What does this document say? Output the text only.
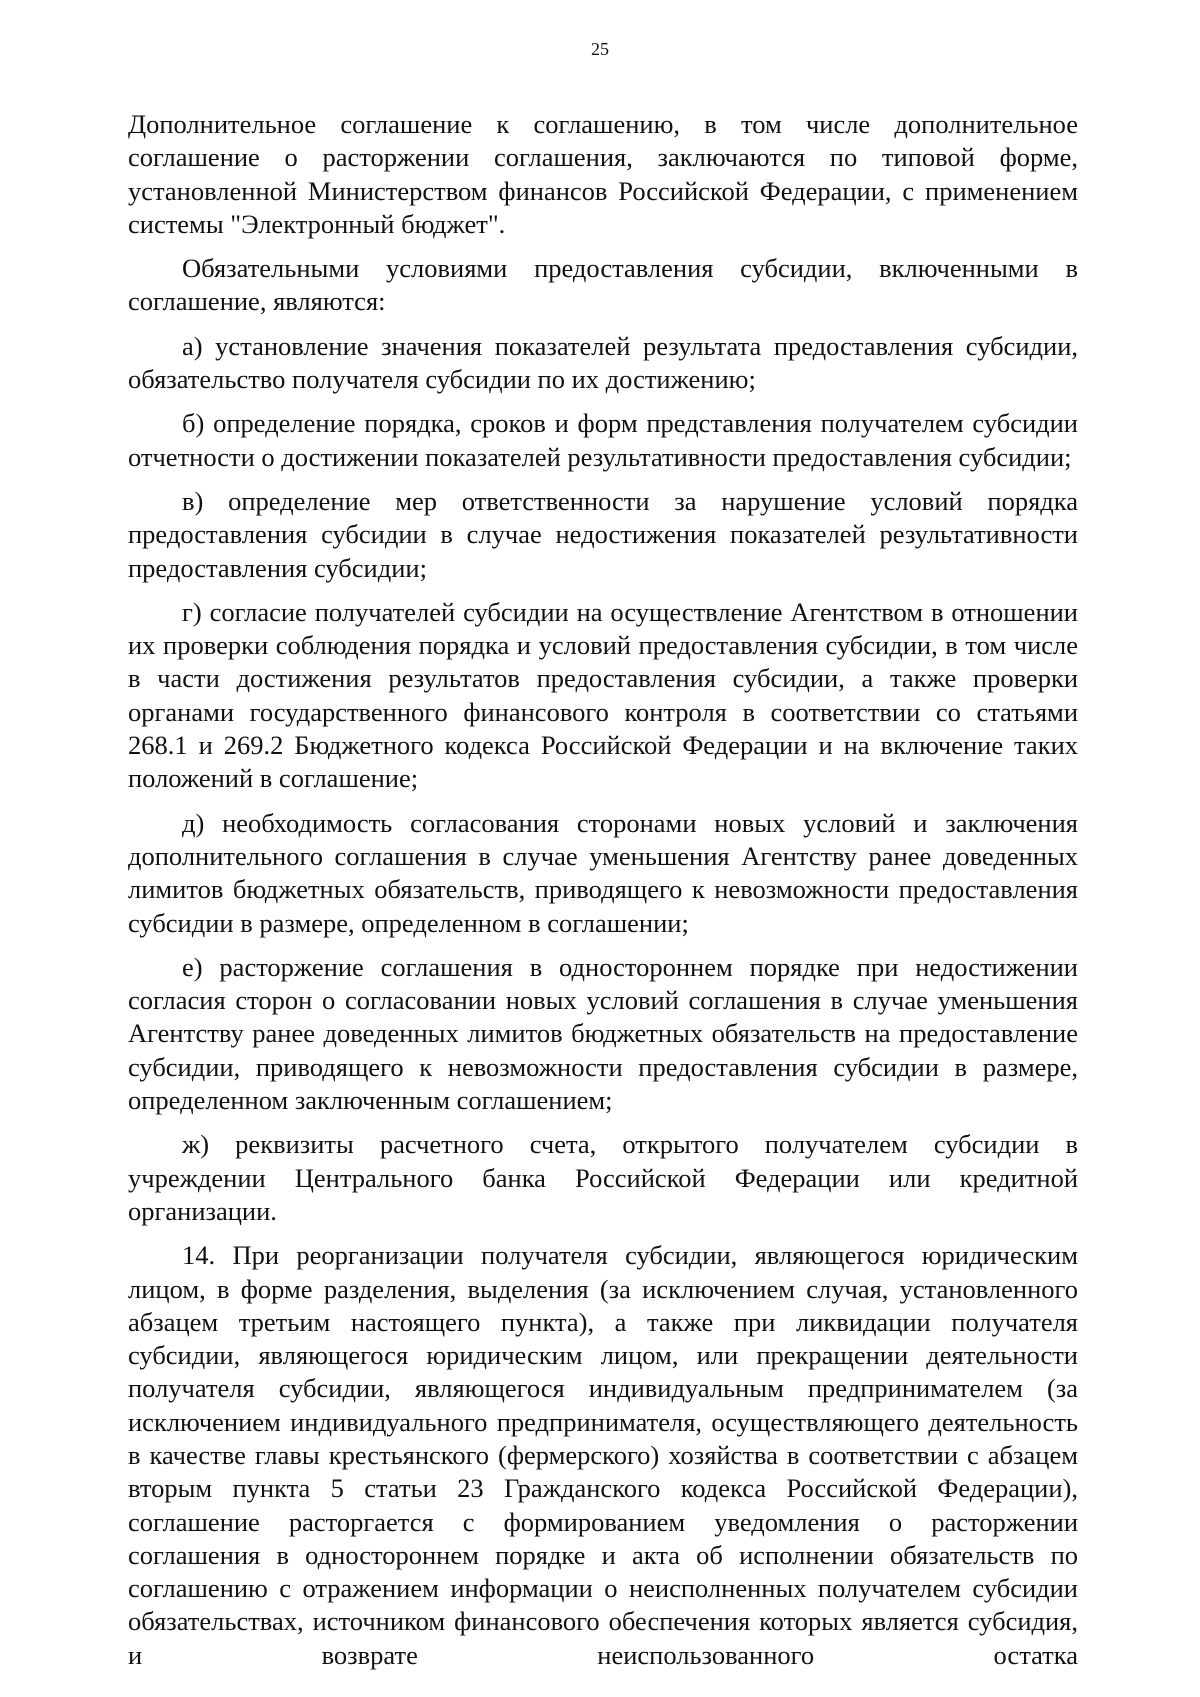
25

Дополнительное соглашение к соглашению, в том числе дополнительное соглашение о расторжении соглашения, заключаются по типовой форме, установленной Министерством финансов Российской Федерации, с применением системы "Электронный бюджет".

Обязательными условиями предоставления субсидии, включенными в соглашение, являются:

а) установление значения показателей результата предоставления субсидии, обязательство получателя субсидии по их достижению;

б) определение порядка, сроков и форм представления получателем субсидии отчетности о достижении показателей результативности предоставления субсидии;

в) определение мер ответственности за нарушение условий порядка предоставления субсидии в случае недостижения показателей результативности предоставления субсидии;

г) согласие получателей субсидии на осуществление Агентством в отношении их проверки соблюдения порядка и условий предоставления субсидии, в том числе в части достижения результатов предоставления субсидии, а также проверки органами государственного финансового контроля в соответствии со статьями 268.1 и 269.2 Бюджетного кодекса Российской Федерации и на включение таких положений в соглашение;

д) необходимость согласования сторонами новых условий и заключения дополнительного соглашения в случае уменьшения Агентству ранее доведенных лимитов бюджетных обязательств, приводящего к невозможности предоставления субсидии в размере, определенном в соглашении;

е) расторжение соглашения в одностороннем порядке при недостижении согласия сторон о согласовании новых условий соглашения в случае уменьшения Агентству ранее доведенных лимитов бюджетных обязательств на предоставление субсидии, приводящего к невозможности предоставления субсидии в размере, определенном заключенным соглашением;

ж) реквизиты расчетного счета, открытого получателем субсидии в учреждении Центрального банка Российской Федерации или кредитной организации.

14. При реорганизации получателя субсидии, являющегося юридическим лицом, в форме разделения, выделения (за исключением случая, установленного абзацем третьим настоящего пункта), а также при ликвидации получателя субсидии, являющегося юридическим лицом, или прекращении деятельности получателя субсидии, являющегося индивидуальным предпринимателем (за исключением индивидуального предпринимателя, осуществляющего деятельность в качестве главы крестьянского (фермерского) хозяйства в соответствии с абзацем вторым пункта 5 статьи 23 Гражданского кодекса Российской Федерации), соглашение расторгается с формированием уведомления о расторжении соглашения в одностороннем порядке и акта об исполнении обязательств по соглашению с отражением информации о неисполненных получателем субсидии обязательствах, источником финансового обеспечения которых является субсидия, и возврате неиспользованного остатка
